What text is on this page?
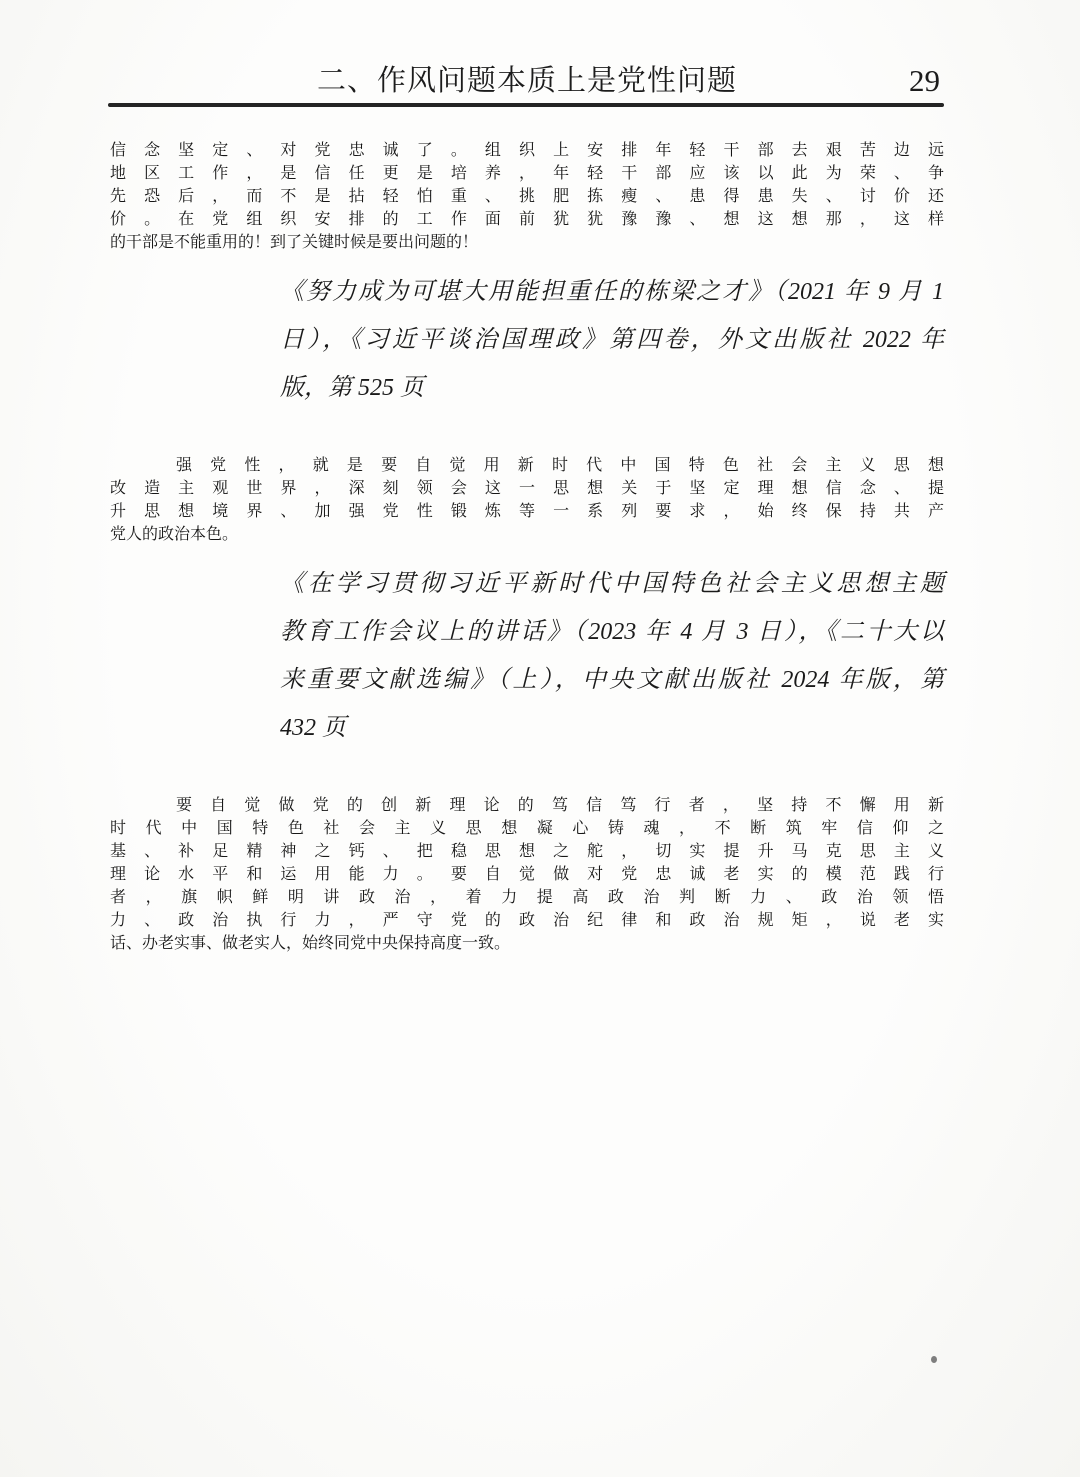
二、作风问题本质上是党性问题	29

信念坚定、对党忠诚了。组织上安排年轻干部去艰苦边远
地区工作，是信任更是培养，年轻干部应该以此为荣、争
先恐后，而不是拈轻怕重、挑肥拣瘦、患得患失、讨价还
价。在党组织安排的工作面前犹犹豫豫、想这想那，这样
的干部是不能重用的！到了关键时候是要出问题的！

《努力成为可堪大用能担重任的栋梁之才》（2021 年 9 月 1
日），《习近平谈治国理政》第四卷，外文出版社 2022 年
版，第 525 页

强党性，就是要自觉用新时代中国特色社会主义思想
改造主观世界，深刻领会这一思想关于坚定理想信念、提
升思想境界、加强党性锻炼等一系列要求，始终保持共产
党人的政治本色。

《在学习贯彻习近平新时代中国特色社会主义思想主题
教育工作会议上的讲话》（2023 年 4 月 3 日），《二十大以
来重要文献选编》（上），中央文献出版社 2024 年版，第
432 页

要自觉做党的创新理论的笃信笃行者，坚持不懈用新
时代中国特色社会主义思想凝心铸魂，不断筑牢信仰之
基、补足精神之钙、把稳思想之舵，切实提升马克思主义
理论水平和运用能力。要自觉做对党忠诚老实的模范践行
者，旗帜鲜明讲政治，着力提高政治判断力、政治领悟
力、政治执行力，严守党的政治纪律和政治规矩，说老实
话、办老实事、做老实人，始终同党中央保持高度一致。
